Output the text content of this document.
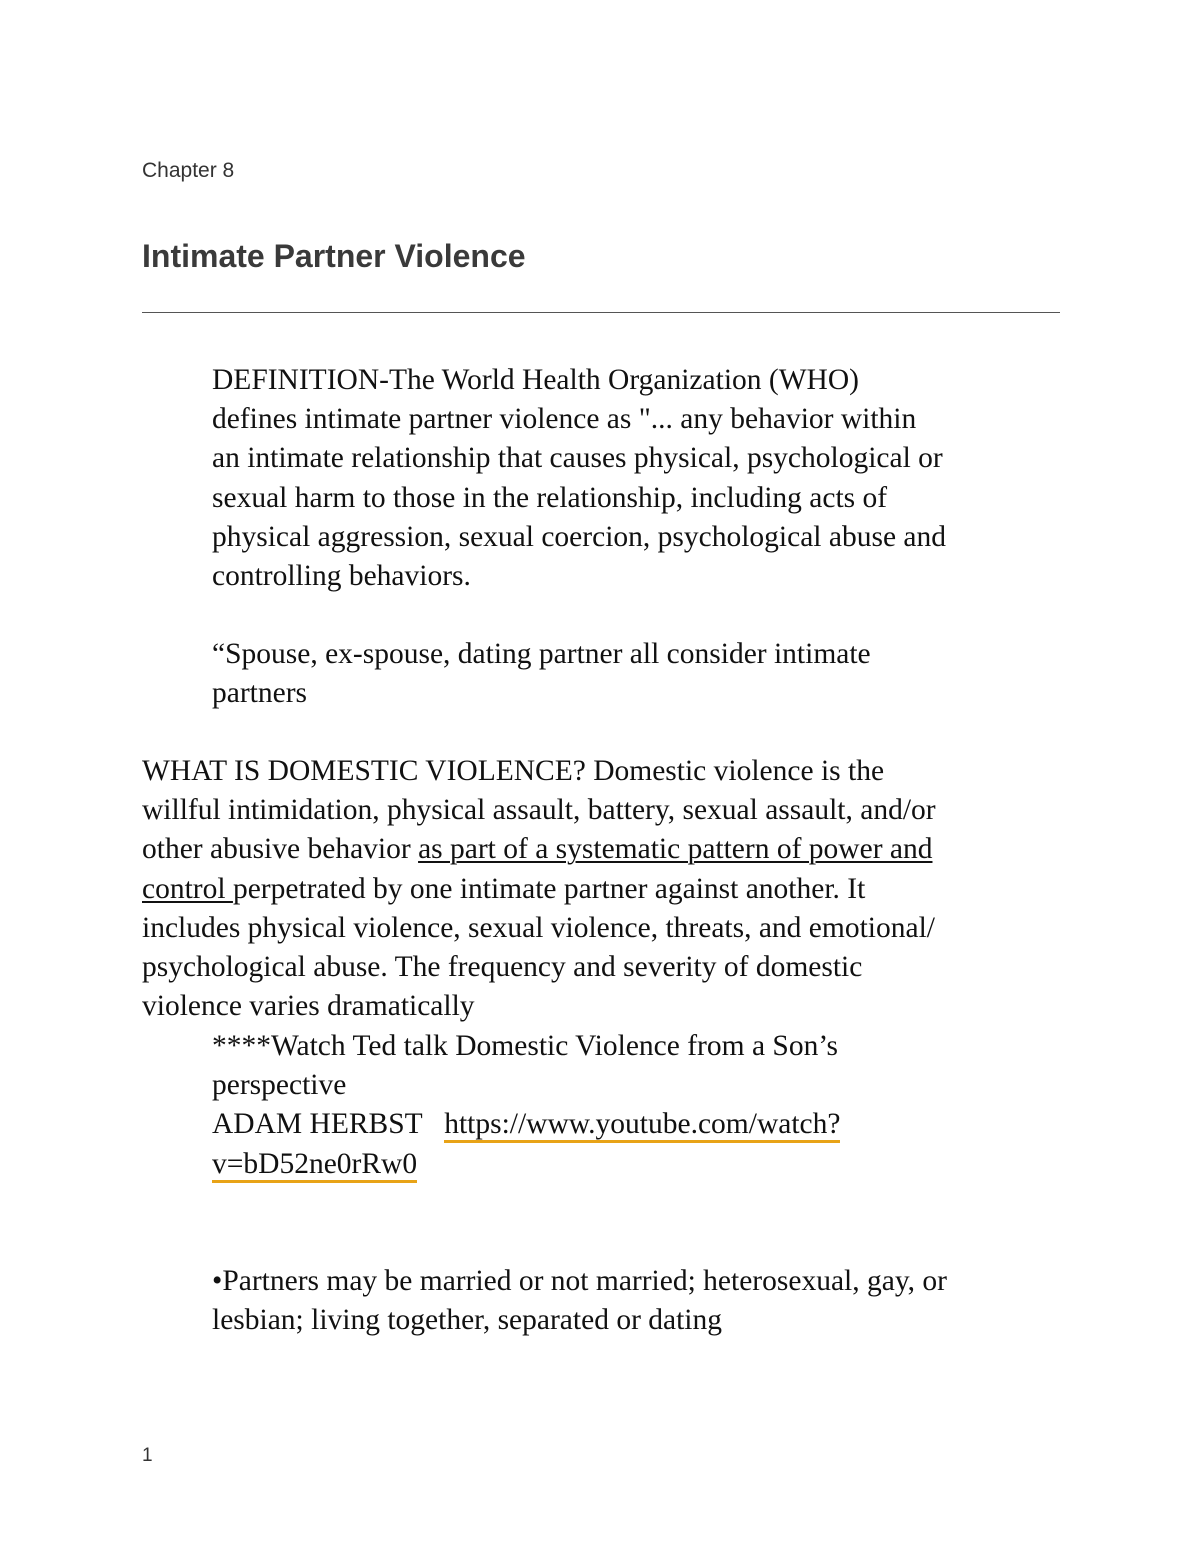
Chapter 8

Intimate Partner Violence
DEFINITION-The World Health Organization (WHO)
defines intimate partner violence as "... any behavior within
an intimate relationship that causes physical, psychological or
sexual harm to those in the relationship, including acts of
physical aggression, sexual coercion, psychological abuse and
controlling behaviors.
“Spouse, ex-spouse, dating partner all consider intimate
partners
WHAT IS DOMESTIC VIOLENCE? Domestic violence is the
willful intimidation, physical assault, battery, sexual assault, and/or
other abusive behavior as part of a systematic pattern of power and
control perpetrated by one intimate partner against another. It
includes physical violence, sexual violence, threats, and emotional/
psychological abuse. The frequency and severity of domestic
violence varies dramatically
****Watch Ted talk Domestic Violence from a Son’s
perspective
ADAM HERBST   https://www.youtube.com/watch?
v=bD52ne0rRw0
•Partners may be married or not married; heterosexual, gay, or
lesbian; living together, separated or dating

1
